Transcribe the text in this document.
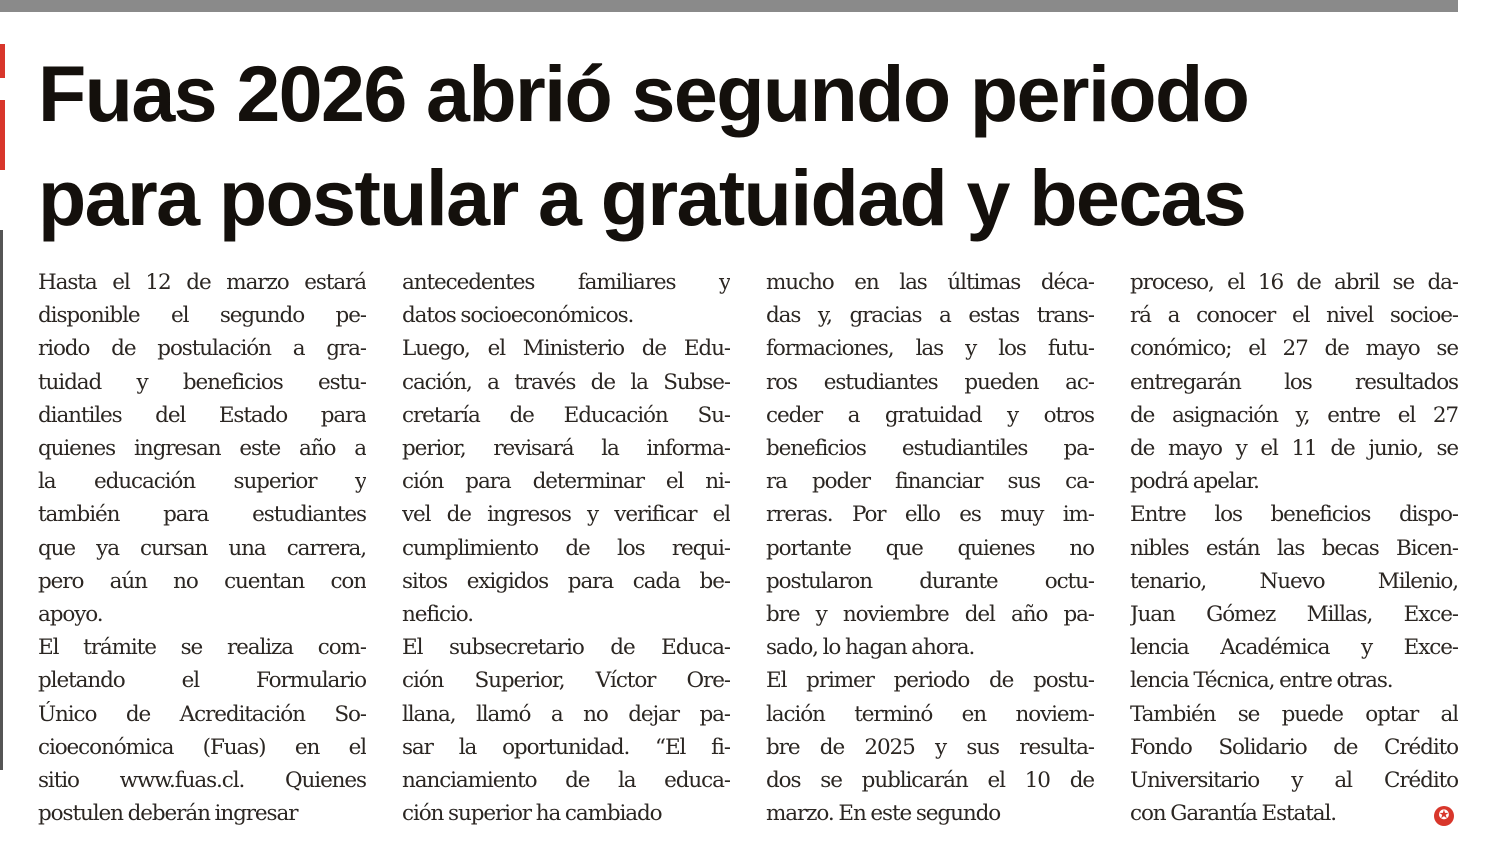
Fuas 2026 abrió segundo periodo
para postular a gratuidad y becas
Hasta el 12 de marzo estará
disponible el segundo pe-
riodo de postulación a gra-
tuidad y beneficios estu-
diantiles del Estado para
quienes ingresan este año a
la educación superior y
también para estudiantes
que ya cursan una carrera,
pero aún no cuentan con
apoyo.
El trámite se realiza com-
pletando el Formulario
Único de Acreditación So-
cioeconómica (Fuas) en el
sitio www.fuas.cl. Quienes
postulen deberán ingresar
antecedentes familiares y
datos socioeconómicos.
Luego, el Ministerio de Edu-
cación, a través de la Subse-
cretaría de Educación Su-
perior, revisará la informa-
ción para determinar el ni-
vel de ingresos y verificar el
cumplimiento de los requi-
sitos exigidos para cada be-
neficio.
El subsecretario de Educa-
ción Superior, Víctor Ore-
llana, llamó a no dejar pa-
sar la oportunidad. “El fi-
nanciamiento de la educa-
ción superior ha cambiado
mucho en las últimas déca-
das y, gracias a estas trans-
formaciones, las y los futu-
ros estudiantes pueden ac-
ceder a gratuidad y otros
beneficios estudiantiles pa-
ra poder financiar sus ca-
rreras. Por ello es muy im-
portante que quienes no
postularon durante octu-
bre y noviembre del año pa-
sado, lo hagan ahora.
El primer periodo de postu-
lación terminó en noviem-
bre de 2025 y sus resulta-
dos se publicarán el 10 de
marzo. En este segundo
proceso, el 16 de abril se da-
rá a conocer el nivel socioe-
conómico; el 27 de mayo se
entregarán los resultados
de asignación y, entre el 27
de mayo y el 11 de junio, se
podrá apelar.
Entre los beneficios dispo-
nibles están las becas Bicen-
tenario, Nuevo Milenio,
Juan Gómez Millas, Exce-
lencia Académica y Exce-
lencia Técnica, entre otras.
También se puede optar al
Fondo Solidario de Crédito
Universitario y al Crédito
con Garantía Estatal.	✪
